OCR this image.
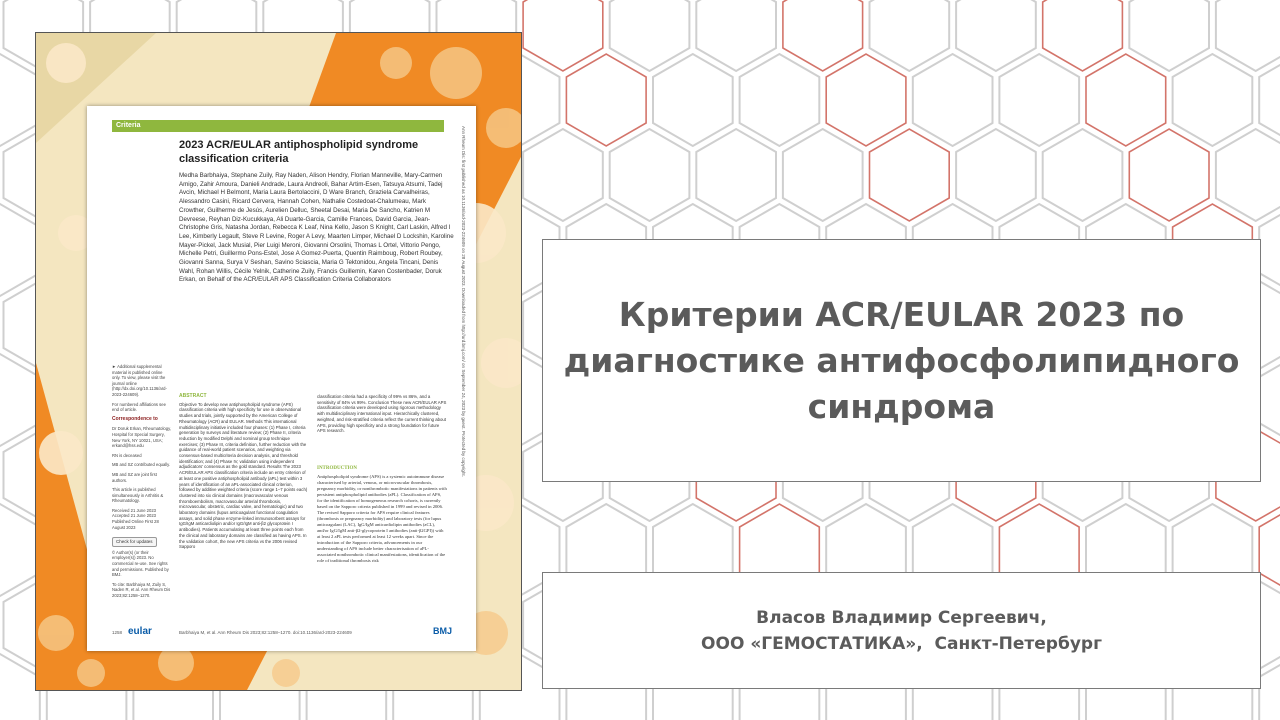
Criteria
2023 ACR/EULAR antiphospholipid syndrome classification criteria
Medha Barbhaiya, Stephane Zuily, Ray Naden, Alison Hendry, Florian Manneville, Mary-Carmen Amigo, Zahir Amoura, Danieli Andrade, Laura Andreoli, Bahar Artim-Esen, Tatsuya Atsumi, Tadej Avcin, Michael H Belmont, Maria Laura Bertolaccini, D Ware Branch, Graziela Carvalheiras, Alessandro Casini, Ricard Cervera, Hannah Cohen, Nathalie Costedoat-Chalumeau, Mark Crowther, Guilherme de Jesús, Aurelien Delluc, Sheetal Desai, Maria De Sancho, Katrien M Devreese, Reyhan Diz-Kucukkaya, Ali Duarte-Garcia, Camille Frances, David Garcia, Jean-Christophe Gris, Natasha Jordan, Rebecca K Leaf, Nina Kello, Jason S Knight, Carl Laskin, Alfred I Lee, Kimberly Legault, Steve R Levine, Roger A Levy, Maarten Limper, Michael D Lockshin, Karoline Mayer-Pickel, Jack Musial, Pier Luigi Meroni, Giovanni Orsolini, Thomas L Ortel, Vittorio Pengo, Michelle Petri, Guillermo Pons-Estel, Jose A Gomez-Puerta, Quentin Raimboug, Robert Roubey, Giovanni Sanna, Surya V Seshan, Savino Sciascia, Maria G Tektonidou, Angela Tincani, Denis Wahl, Rohan Willis, Cécile Yelnik, Catherine Zuily, Francis Guillemin, Karen Costenbader, Doruk Erkan, on Behalf of the ACR/EULAR APS Classification Criteria Collaborators

► Additional supplemental material is published online only. To view, please visit the journal online (http://dx.doi.org/10.1136/ard-2023-224609).

For numbered affiliations see end of article.

Correspondence to

Dr Doruk Erkan, Rheumatology, Hospital for Special Surgery, New York, NY 10021, USA; erkand@hss.edu

RN is deceased

MB and SZ contributed equally.

MB and SZ are joint first authors.

This article is published simultaneously in Arthritis & Rheumatology.

Received 21 June 2023 Accepted 21 June 2023 Published Online First 28 August 2023

Check for updates

© Author(s) (or their employer(s)) 2023. No commercial re-use. See rights and permissions. Published by BMJ.

To cite: Barbhaiya M, Zuily S, Naden R, et al. Ann Rheum Dis 2023;82:1258–1270.

ABSTRACT
Objective To develop new antiphospholipid syndrome (APS) classification criteria with high specificity for use in observational studies and trials, jointly supported by the American College of Rheumatology (ACR) and EULAR. Methods This international multidisciplinary initiative included four phases: (1) Phase I, criteria generation by surveys and literature review; (2) Phase II, criteria reduction by modified Delphi and nominal group technique exercises; (3) Phase III, criteria definition, further reduction with the guidance of real-world patient scenarios, and weighting via consensus-based multicriteria decision analysis, and threshold identification; and (4) Phase IV, validation using independent adjudicators' consensus as the gold standard. Results The 2023 ACR/EULAR APS classification criteria include an entry criterion of at least one positive antiphospholipid antibody (aPL) test within 3 years of identification of an aPL-associated clinical criterion, followed by additive weighted criteria (score range 1–7 points each) clustered into six clinical domains (macrovascular venous thromboembolism, macrovascular arterial thrombosis, microvascular, obstetric, cardiac valve, and hematologic) and two laboratory domains (lupus anticoagulant functional coagulation assays, and solid phase enzyme-linked immunosorbent assays for IgG/IgM anticardiolipin and/or IgG/IgM anti-β2 glycoprotein I antibodies). Patients accumulating at least three points each from the clinical and laboratory domains are classified as having APS. In the validation cohort, the new APS criteria vs the 2006 revised Sapporo
classification criteria had a specificity of 99% vs 86%, and a sensitivity of 84% vs 99%. Conclusion These new ACR/EULAR APS classification criteria were developed using rigorous methodology with multidisciplinary international input. Hierarchically clustered, weighted, and risk-stratified criteria reflect the current thinking about APS, providing high specificity and a strong foundation for future APS research.
INTRODUCTION
Antiphospholipid syndrome (APS) is a systemic autoimmune disease characterised by arterial, venous, or microvascular thrombosis, pregnancy morbidity, or nonthrombotic manifestations in patients with persistent antiphospholipid antibodies (aPL). Classification of APS, for the identification of homogeneous research cohorts, is currently based on the Sapporo criteria published in 1999 and revised in 2006. The revised Sapporo criteria for APS require clinical features (thrombosis or pregnancy morbidity) and laboratory tests (for lupus anticoagulant (LAC), IgG/IgM anticardiolipin antibodies (aCL), and/or IgG/IgM anti-β2-glycoprotein I antibodies (anti-β2GPI)) with at least 2 aPL tests performed at least 12 weeks apart. Since the introduction of the Sapporo criteria, advancements in our understanding of APS include better characterisation of aPL-associated nonthrombotic clinical manifestations, identification of the role of traditional thrombosis risk
Ann Rheum Dis: first published as 10.1136/ard-2023-224609 on 28 August 2023. Downloaded from http://ard.bmj.com/ on September 24, 2023 by guest. Protected by copyright.
1258 eular	Barbhaiya M, et al. Ann Rheum Dis 2023;82:1258–1270. doi:10.1136/ard-2023-224609	BMJ
Критерии ACR/EULAR 2023 по диагностике антифосфолипидного синдрома
Власов Владимир Сергеевич,
ООО «ГЕМОСТАТИКА»,  Санкт-Петербург
